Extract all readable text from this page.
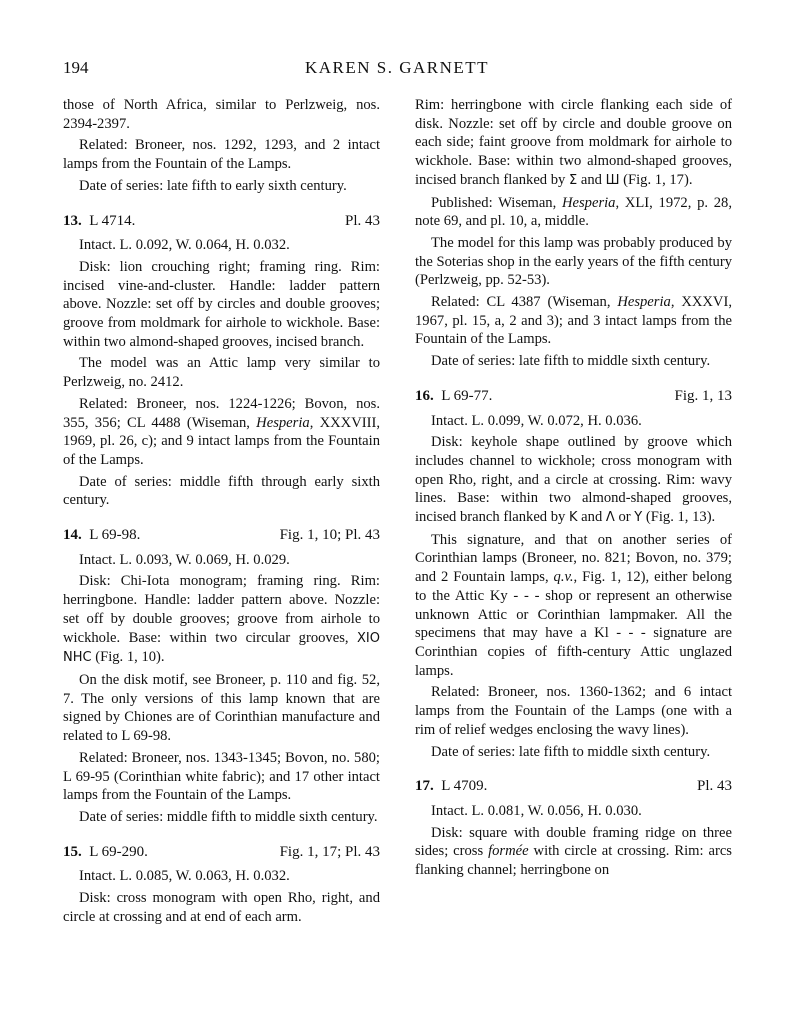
194	KAREN S. GARNETT

those of North Africa, similar to Perlzweig, nos. 2394-2397.

Related: Broneer, nos. 1292, 1293, and 2 intact lamps from the Fountain of the Lamps.

Date of series: late fifth to early sixth century.

13. L 4714.	Pl. 43

Intact. L. 0.092, W. 0.064, H. 0.032.

Disk: lion crouching right; framing ring. Rim: incised vine-and-cluster. Handle: ladder pattern above. Nozzle: set off by circles and double grooves; groove from moldmark for airhole to wickhole. Base: within two almond-shaped grooves, incised branch.

The model was an Attic lamp very similar to Perlzweig, no. 2412.

Related: Broneer, nos. 1224-1226; Bovon, nos. 355, 356; CL 4488 (Wiseman, Hesperia, XXXVIII, 1969, pl. 26, c); and 9 intact lamps from the Fountain of the Lamps.

Date of series: middle fifth through early sixth century.

14. L 69-98.	Fig. 1, 10; Pl. 43

Intact. L. 0.093, W. 0.069, H. 0.029.

Disk: Chi-Iota monogram; framing ring. Rim: herringbone. Handle: ladder pattern above. Nozzle: set off by double grooves; groove from airhole to wickhole. Base: within two circular grooves, XIO NHC (Fig. 1, 10).

On the disk motif, see Broneer, p. 110 and fig. 52, 7. The only versions of this lamp known that are signed by Chiones are of Corinthian manufacture and related to L 69-98.

Related: Broneer, nos. 1343-1345; Bovon, no. 580; L 69-95 (Corinthian white fabric); and 17 other intact lamps from the Fountain of the Lamps.

Date of series: middle fifth to middle sixth century.

15. L 69-290.	Fig. 1, 17; Pl. 43

Intact. L. 0.085, W. 0.063, H. 0.032.

Disk: cross monogram with open Rho, right, and circle at crossing and at end of each arm.

Rim: herringbone with circle flanking each side of disk. Nozzle: set off by circle and double groove on each side; faint groove from moldmark for airhole to wickhole. Base: within two almond-shaped grooves, incised branch flanked by Σ and Ш (Fig. 1, 17).

Published: Wiseman, Hesperia, XLI, 1972, p. 28, note 69, and pl. 10, a, middle.

The model for this lamp was probably produced by the Soterias shop in the early years of the fifth century (Perlzweig, pp. 52-53).

Related: CL 4387 (Wiseman, Hesperia, XXXVI, 1967, pl. 15, a, 2 and 3); and 3 intact lamps from the Fountain of the Lamps.

Date of series: late fifth to middle sixth century.

16. L 69-77.	Fig. 1, 13

Intact. L. 0.099, W. 0.072, H. 0.036.

Disk: keyhole shape outlined by groove which includes channel to wickhole; cross monogram with open Rho, right, and a circle at crossing. Rim: wavy lines. Base: within two almond-shaped grooves, incised branch flanked by K and Λ or Y (Fig. 1, 13).

This signature, and that on another series of Corinthian lamps (Broneer, no. 821; Bovon, no. 379; and 2 Fountain lamps, q.v., Fig. 1, 12), either belong to the Attic Ky - - - shop or represent an otherwise unknown Attic or Corinthian lampmaker. All the specimens that may have a Kl - - - signature are Corinthian copies of fifth-century Attic unglazed lamps.

Related: Broneer, nos. 1360-1362; and 6 intact lamps from the Fountain of the Lamps (one with a rim of relief wedges enclosing the wavy lines).

Date of series: late fifth to middle sixth century.

17. L 4709.	Pl. 43

Intact. L. 0.081, W. 0.056, H. 0.030.

Disk: square with double framing ridge on three sides; cross formée with circle at crossing. Rim: arcs flanking channel; herringbone on
